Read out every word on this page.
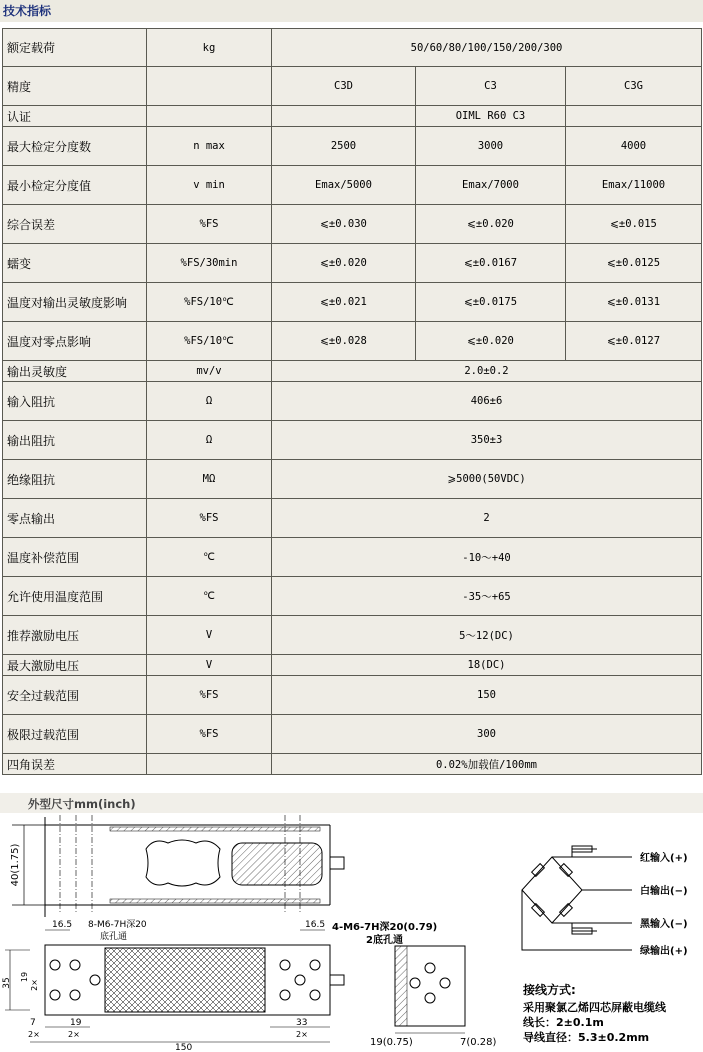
技术指标
额定载荷	kg	50/60/80/100/150/200/300		
精度		C3D	C3	C3G
认证			OIML R60 C3	
最大检定分度数	n max	2500	3000	4000
最小检定分度值	v min	Emax/5000	Emax/7000	Emax/11000
综合误差	%FS	⩽±0.030	⩽±0.020	⩽±0.015
蠕变	%FS/30min	⩽±0.020	⩽±0.0167	⩽±0.0125
温度对输出灵敏度影响	%FS/10℃	⩽±0.021	⩽±0.0175	⩽±0.0131
温度对零点影响	%FS/10℃	⩽±0.028	⩽±0.020	⩽±0.0127
输出灵敏度	mv/v	2.0±0.2		
输入阻抗	Ω	406±6		
输出阻抗	Ω	350±3		
绝缘阻抗	MΩ	⩾5000(50VDC)		
零点输出	%FS	2		
温度补偿范围	℃	-10～+40		
允许使用温度范围	℃	-35～+65		
推荐激励电压	V	5～12(DC)		
最大激励电压	V	18(DC)		
安全过载范围	%FS	150		
极限过载范围	%FS	300		
四角误差		0.02%加载值/100mm		
外型尺寸mm(inch)
40(1.75)
16.5 8-M6-7H深20
底孔通
16.5
35
19
2×
7
2×
19
2×
150
33
2×
4-M6-7H深20(0.79)
2底孔通
19(0.75)	7(0.28)
红输入(+)
白输出(−)
黑输入(−)
绿输出(+)
接线方式:
采用聚氯乙烯四芯屏蔽电缆线
线长：2±0.1m
导线直径：5.3±0.2mm
